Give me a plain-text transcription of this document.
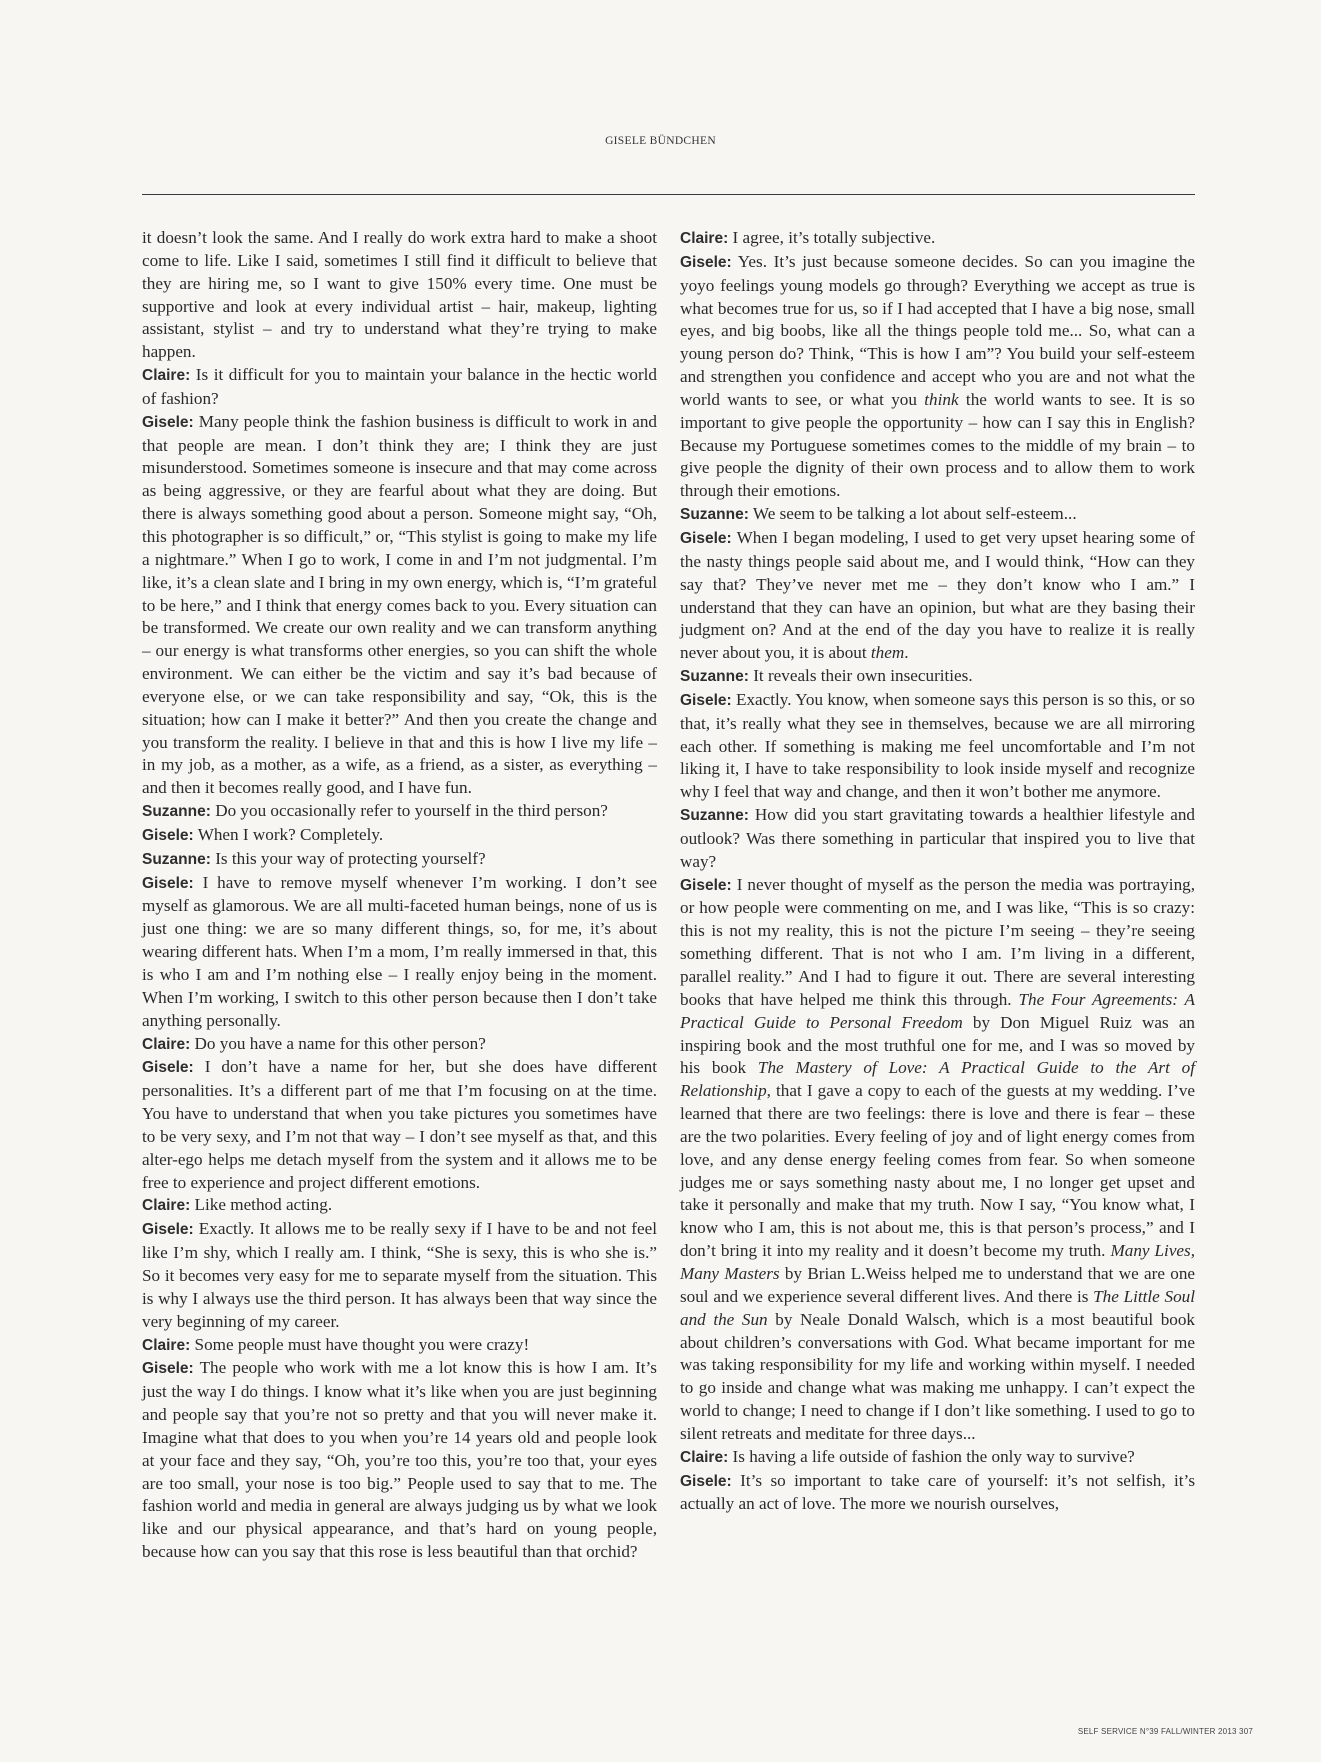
GISELE BÜNDCHEN

it doesn’t look the same. And I really do work extra hard to make a shoot come to life. Like I said, sometimes I still find it difficult to believe that they are hiring me, so I want to give 150% every time. One must be supportive and look at every individual artist – hair, makeup, lighting assistant, stylist – and try to understand what they’re trying to make happen.

Claire: Is it difficult for you to maintain your balance in the hectic world of fashion?

Gisele: Many people think the fashion business is difficult to work in and that people are mean. I don’t think they are; I think they are just misunderstood. Sometimes someone is insecure and that may come across as being aggressive, or they are fearful about what they are doing. But there is always something good about a person. Someone might say, “Oh, this photographer is so difficult,” or, “This stylist is going to make my life a nightmare.” When I go to work, I come in and I’m not judgmental. I’m like, it’s a clean slate and I bring in my own energy, which is, “I’m grateful to be here,” and I think that energy comes back to you. Every situation can be transformed. We create our own reality and we can transform anything – our energy is what transforms other energies, so you can shift the whole environment. We can either be the victim and say it’s bad because of everyone else, or we can take responsibility and say, “Ok, this is the situation; how can I make it better?” And then you create the change and you transform the reality. I believe in that and this is how I live my life – in my job, as a mother, as a wife, as a friend, as a sister, as everything – and then it becomes really good, and I have fun.

Suzanne: Do you occasionally refer to yourself in the third person?

Gisele: When I work? Completely.

Suzanne: Is this your way of protecting yourself?

Gisele: I have to remove myself whenever I’m working. I don’t see myself as glamorous. We are all multi-faceted human beings, none of us is just one thing: we are so many different things, so, for me, it’s about wearing different hats. When I’m a mom, I’m really immersed in that, this is who I am and I’m nothing else – I really enjoy being in the moment. When I’m working, I switch to this other person because then I don’t take anything personally.

Claire: Do you have a name for this other person?

Gisele: I don’t have a name for her, but she does have different personalities. It’s a different part of me that I’m focusing on at the time. You have to understand that when you take pictures you sometimes have to be very sexy, and I’m not that way – I don’t see myself as that, and this alter-ego helps me detach myself from the system and it allows me to be free to experience and project different emotions.

Claire: Like method acting.

Gisele: Exactly. It allows me to be really sexy if I have to be and not feel like I’m shy, which I really am. I think, “She is sexy, this is who she is.” So it becomes very easy for me to separate myself from the situation. This is why I always use the third person. It has always been that way since the very beginning of my career.

Claire: Some people must have thought you were crazy!

Gisele: The people who work with me a lot know this is how I am. It’s just the way I do things. I know what it’s like when you are just beginning and people say that you’re not so pretty and that you will never make it. Imagine what that does to you when you’re 14 years old and people look at your face and they say, “Oh, you’re too this, you’re too that, your eyes are too small, your nose is too big.” People used to say that to me. The fashion world and media in general are always judging us by what we look like and our physical appearance, and that’s hard on young people, because how can you say that this rose is less beautiful than that orchid?

Claire: I agree, it’s totally subjective.

Gisele: Yes. It’s just because someone decides. So can you imagine the yoyo feelings young models go through? Everything we accept as true is what becomes true for us, so if I had accepted that I have a big nose, small eyes, and big boobs, like all the things people told me... So, what can a young person do? Think, “This is how I am”? You build your self-esteem and strengthen you confidence and accept who you are and not what the world wants to see, or what you think the world wants to see. It is so important to give people the opportunity – how can I say this in English? Because my Portuguese sometimes comes to the middle of my brain – to give people the dignity of their own process and to allow them to work through their emotions.

Suzanne: We seem to be talking a lot about self-esteem...

Gisele: When I began modeling, I used to get very upset hearing some of the nasty things people said about me, and I would think, “How can they say that? They’ve never met me – they don’t know who I am.” I understand that they can have an opinion, but what are they basing their judgment on? And at the end of the day you have to realize it is really never about you, it is about them.

Suzanne: It reveals their own insecurities.

Gisele: Exactly. You know, when someone says this person is so this, or so that, it’s really what they see in themselves, because we are all mirroring each other. If something is making me feel uncomfortable and I’m not liking it, I have to take responsibility to look inside myself and recognize why I feel that way and change, and then it won’t bother me anymore.

Suzanne: How did you start gravitating towards a healthier lifestyle and outlook? Was there something in particular that inspired you to live that way?

Gisele: I never thought of myself as the person the media was portraying, or how people were commenting on me, and I was like, “This is so crazy: this is not my reality, this is not the picture I’m seeing – they’re seeing something different. That is not who I am. I’m living in a different, parallel reality.” And I had to figure it out. There are several interesting books that have helped me think this through. The Four Agreements: A Practical Guide to Personal Freedom by Don Miguel Ruiz was an inspiring book and the most truthful one for me, and I was so moved by his book The Mastery of Love: A Practical Guide to the Art of Relationship, that I gave a copy to each of the guests at my wedding. I’ve learned that there are two feelings: there is love and there is fear – these are the two polarities. Every feeling of joy and of light energy comes from love, and any dense energy feeling comes from fear. So when someone judges me or says something nasty about me, I no longer get upset and take it personally and make that my truth. Now I say, “You know what, I know who I am, this is not about me, this is that person’s process,” and I don’t bring it into my reality and it doesn’t become my truth. Many Lives, Many Masters by Brian L.Weiss helped me to understand that we are one soul and we experience several different lives. And there is The Little Soul and the Sun by Neale Donald Walsch, which is a most beautiful book about children’s conversations with God. What became important for me was taking responsibility for my life and working within myself. I needed to go inside and change what was making me unhappy. I can’t expect the world to change; I need to change if I don’t like something. I used to go to silent retreats and meditate for three days...

Claire: Is having a life outside of fashion the only way to survive?

Gisele: It’s so important to take care of yourself: it’s not selfish, it’s actually an act of love. The more we nourish ourselves,

SELF SERVICE N°39 FALL/WINTER 2013 307
